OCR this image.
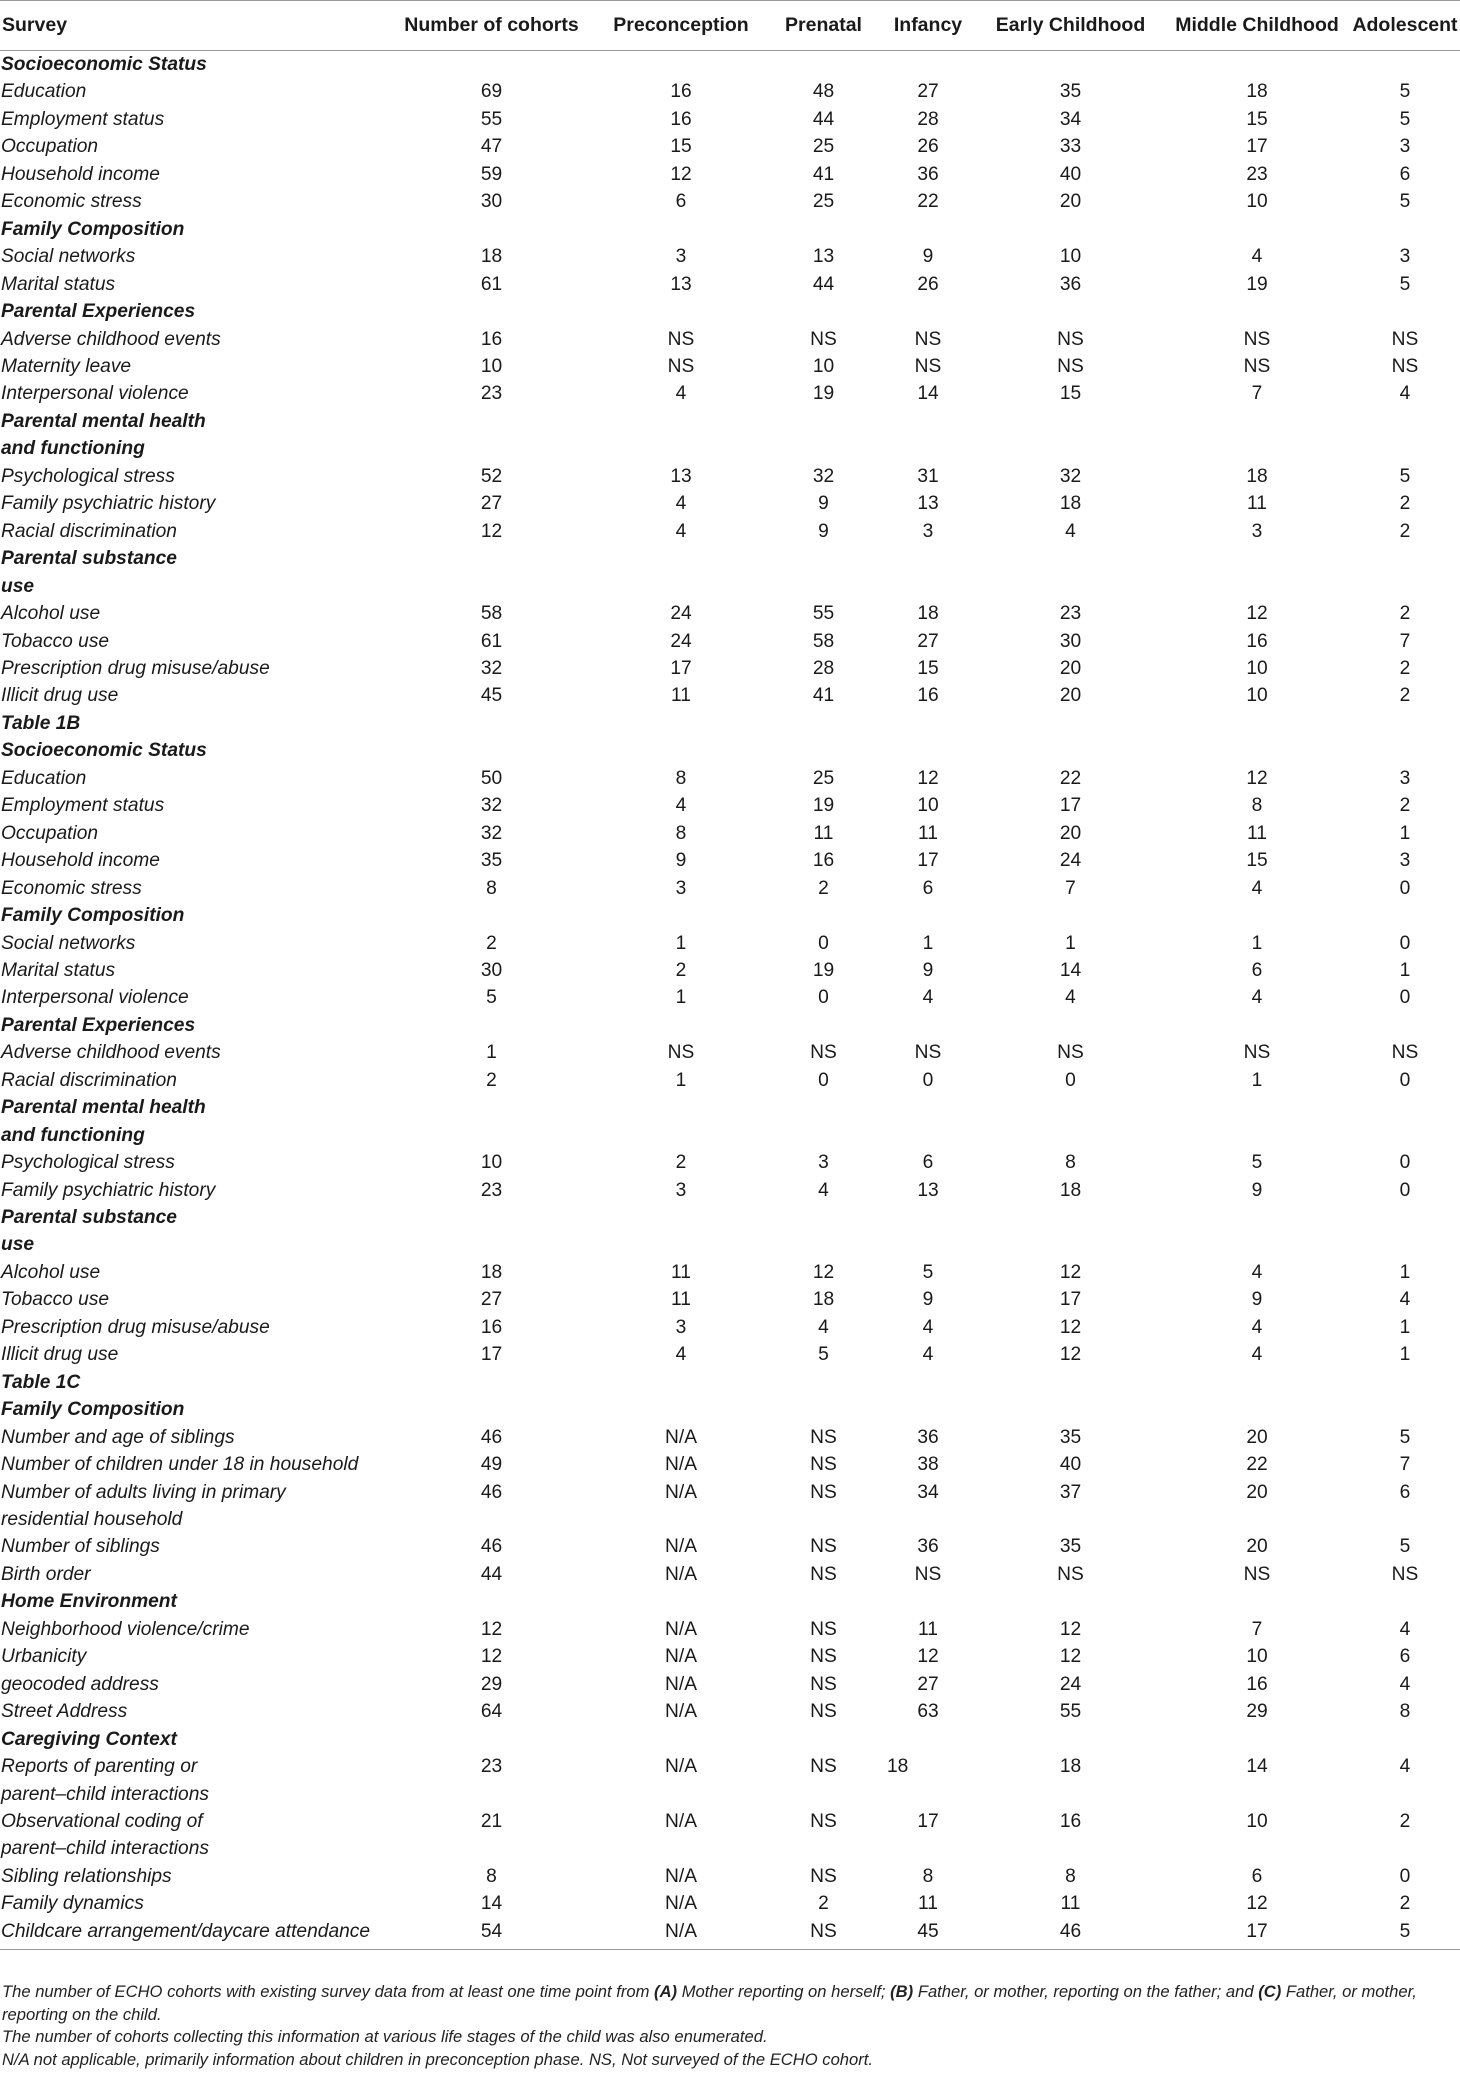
Survey	Number of cohorts	Preconception	Prenatal	Infancy	Early Childhood	Middle Childhood	Adolescent
Socioeconomic Status							
Education	69	16	48	27	35	18	5
Employment status	55	16	44	28	34	15	5
Occupation	47	15	25	26	33	17	3
Household income	59	12	41	36	40	23	6
Economic stress	30	6	25	22	20	10	5
Family Composition							
Social networks	18	3	13	9	10	4	3
Marital status	61	13	44	26	36	19	5
Parental Experiences							
Adverse childhood events	16	NS	NS	NS	NS	NS	NS
Maternity leave	10	NS	10	NS	NS	NS	NS
Interpersonal violence	23	4	19	14	15	7	4
Parental mental health							
and functioning							
Psychological stress	52	13	32	31	32	18	5
Family psychiatric history	27	4	9	13	18	11	2
Racial discrimination	12	4	9	3	4	3	2
Parental substance							
use							
Alcohol use	58	24	55	18	23	12	2
Tobacco use	61	24	58	27	30	16	7
Prescription drug misuse/abuse	32	17	28	15	20	10	2
Illicit drug use	45	11	41	16	20	10	2
Table 1B							
Socioeconomic Status							
Education	50	8	25	12	22	12	3
Employment status	32	4	19	10	17	8	2
Occupation	32	8	11	11	20	11	1
Household income	35	9	16	17	24	15	3
Economic stress	8	3	2	6	7	4	0
Family Composition							
Social networks	2	1	0	1	1	1	0
Marital status	30	2	19	9	14	6	1
Interpersonal violence	5	1	0	4	4	4	0
Parental Experiences							
Adverse childhood events	1	NS	NS	NS	NS	NS	NS
Racial discrimination	2	1	0	0	0	1	0
Parental mental health							
and functioning							
Psychological stress	10	2	3	6	8	5	0
Family psychiatric history	23	3	4	13	18	9	0
Parental substance							
use							
Alcohol use	18	11	12	5	12	4	1
Tobacco use	27	11	18	9	17	9	4
Prescription drug misuse/abuse	16	3	4	4	12	4	1
Illicit drug use	17	4	5	4	12	4	1
Table 1C							
Family Composition							
Number and age of siblings	46	N/A	NS	36	35	20	5
Number of children under 18 in household	49	N/A	NS	38	40	22	7
Number of adults living in primary	46	N/A	NS	34	37	20	6
residential household							
Number of siblings	46	N/A	NS	36	35	20	5
Birth order	44	N/A	NS	NS	NS	NS	NS
Home Environment							
Neighborhood violence/crime	12	N/A	NS	11	12	7	4
Urbanicity	12	N/A	NS	12	12	10	6
geocoded address	29	N/A	NS	27	24	16	4
Street Address	64	N/A	NS	63	55	29	8
Caregiving Context							
Reports of parenting or	23	N/A	NS	18	18	14	4
parent–child interactions							
Observational coding of	21	N/A	NS	17	16	10	2
parent–child interactions							
Sibling relationships	8	N/A	NS	8	8	6	0
Family dynamics	14	N/A	2	11	11	12	2
Childcare arrangement/daycare attendance	54	N/A	NS	45	46	17	5
The number of ECHO cohorts with existing survey data from at least one time point from (A) Mother reporting on herself; (B) Father, or mother, reporting on the father; and (C) Father, or mother, reporting on the child.
The number of cohorts collecting this information at various life stages of the child was also enumerated.
N/A not applicable, primarily information about children in preconception phase. NS, Not surveyed of the ECHO cohort.
